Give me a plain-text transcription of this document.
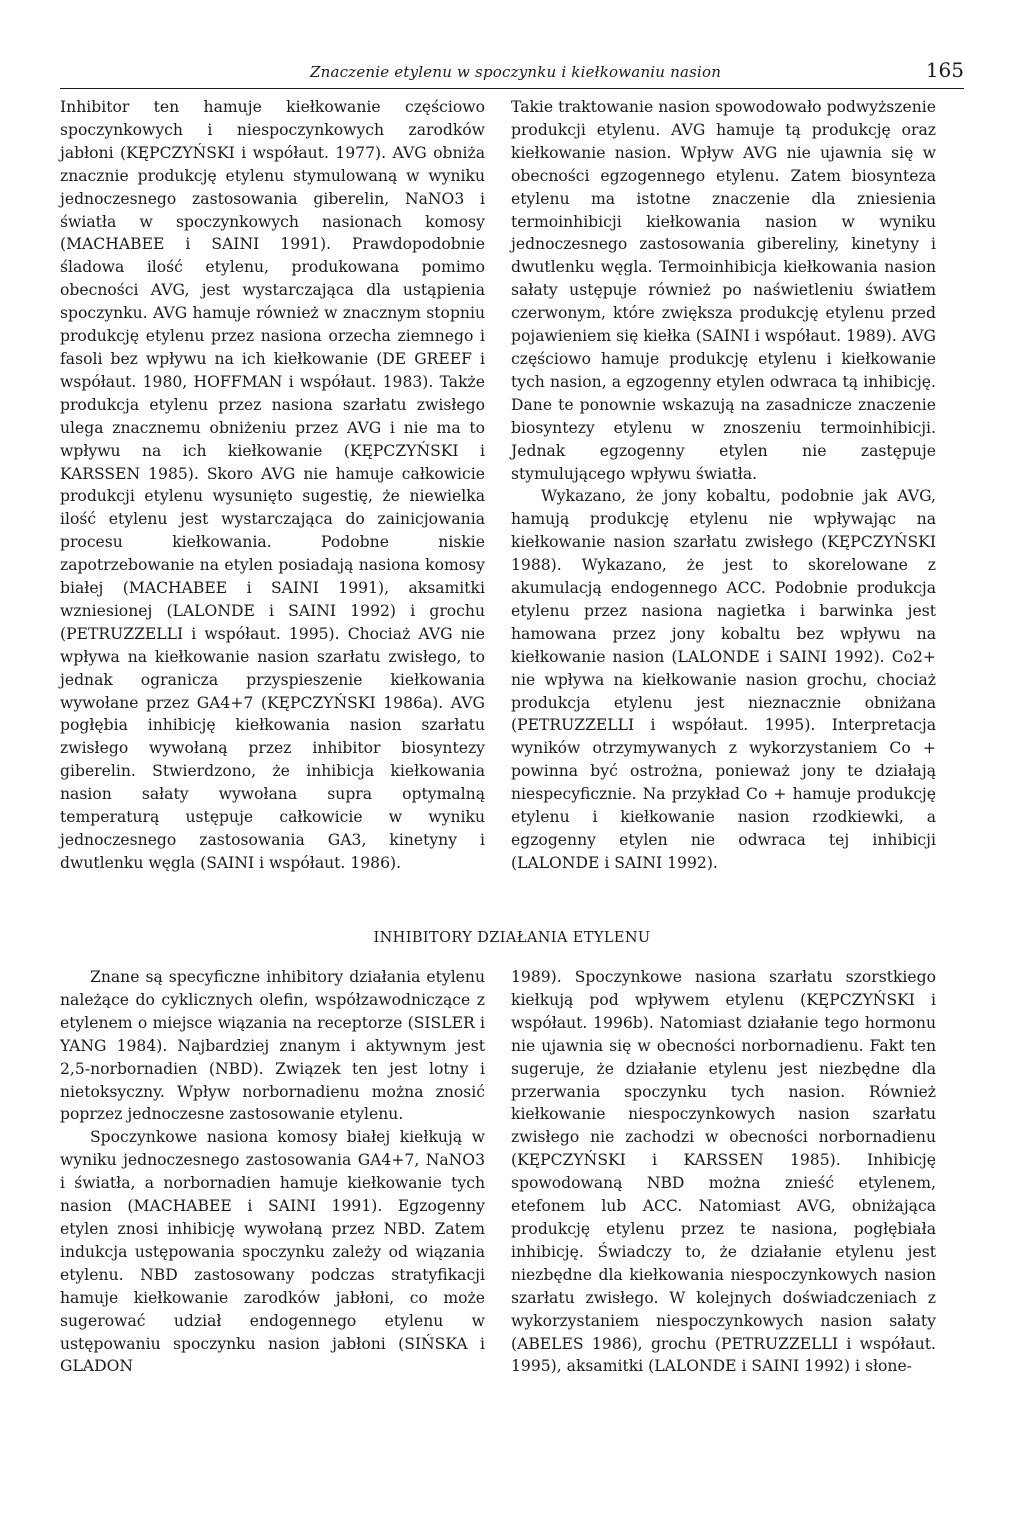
Znaczenie etylenu w spoczynku i kiełkowaniu nasion	165

Inhibitor ten hamuje kiełkowanie częściowo spoczynkowych i niespoczynkowych zarodków jabłoni (KĘPCZYŃSKI i współaut. 1977). AVG obniża znacznie produkcję etylenu stymulowaną w wyniku jednoczesnego zastosowania giberelin, NaNO3 i światła w spoczynkowych nasionach komosy (MACHABEE i SAINI 1991). Prawdopodobnie śladowa ilość etylenu, produkowana pomimo obecności AVG, jest wystarczająca dla ustąpienia spoczynku. AVG hamuje również w znacznym stopniu produkcję etylenu przez nasiona orzecha ziemnego i fasoli bez wpływu na ich kiełkowanie (DE GREEF i współaut. 1980, HOFFMAN i współaut. 1983). Także produkcja etylenu przez nasiona szarłatu zwisłego ulega znacznemu obniżeniu przez AVG i nie ma to wpływu na ich kiełkowanie (KĘPCZYŃSKI i KARSSEN 1985). Skoro AVG nie hamuje całkowicie produkcji etylenu wysunięto sugestię, że niewielka ilość etylenu jest wystarczająca do zainicjowania procesu kiełkowania. Podobne niskie zapotrzebowanie na etylen posiadają nasiona komosy białej (MACHABEE i SAINI 1991), aksamitki wzniesionej (LALONDE i SAINI 1992) i grochu (PETRUZZELLI i współaut. 1995). Chociaż AVG nie wpływa na kiełkowanie nasion szarłatu zwisłego, to jednak ogranicza przyspieszenie kiełkowania wywołane przez GA4+7 (KĘPCZYŃSKI 1986a). AVG pogłębia inhibicję kiełkowania nasion szarłatu zwisłego wywołaną przez inhibitor biosyntezy giberelin. Stwierdzono, że inhibicja kiełkowania nasion sałaty wywołana supra optymalną temperaturą ustępuje całkowicie w wyniku jednoczesnego zastosowania GA3, kinetyny i dwutlenku węgla (SAINI i współaut. 1986).

Takie traktowanie nasion spowodowało podwyższenie produkcji etylenu. AVG hamuje tą produkcję oraz kiełkowanie nasion. Wpływ AVG nie ujawnia się w obecności egzogennego etylenu. Zatem biosynteza etylenu ma istotne znaczenie dla zniesienia termoinhibicji kiełkowania nasion w wyniku jednoczesnego zastosowania gibereliny, kinetyny i dwutlenku węgla. Termoinhibicja kiełkowania nasion sałaty ustępuje również po naświetleniu światłem czerwonym, które zwiększa produkcję etylenu przed pojawieniem się kiełka (SAINI i współaut. 1989). AVG częściowo hamuje produkcję etylenu i kiełkowanie tych nasion, a egzogenny etylen odwraca tą inhibicję. Dane te ponownie wskazują na zasadnicze znaczenie biosyntezy etylenu w znoszeniu termoinhibicji. Jednak egzogenny etylen nie zastępuje stymulującego wpływu światła.

Wykazano, że jony kobaltu, podobnie jak AVG, hamują produkcję etylenu nie wpływając na kiełkowanie nasion szarłatu zwisłego (KĘPCZYŃSKI 1988). Wykazano, że jest to skorelowane z akumulacją endogennego ACC. Podobnie produkcja etylenu przez nasiona nagietka i barwinka jest hamowana przez jony kobaltu bez wpływu na kiełkowanie nasion (LALONDE i SAINI 1992). Co2+ nie wpływa na kiełkowanie nasion grochu, chociaż produkcja etylenu jest nieznacznie obniżana (PETRUZZELLI i współaut. 1995). Interpretacja wyników otrzymywanych z wykorzystaniem Co + powinna być ostrożna, ponieważ jony te działają niespecyficznie. Na przykład Co + hamuje produkcję etylenu i kiełkowanie nasion rzodkiewki, a egzogenny etylen nie odwraca tej inhibicji (LALONDE i SAINI 1992).

INHIBITORY DZIAŁANIA ETYLENU

Znane są specyficzne inhibitory działania etylenu należące do cyklicznych olefin, współzawodniczące z etylenem o miejsce wiązania na receptorze (SISLER i YANG 1984). Najbardziej znanym i aktywnym jest 2,5-norbornadien (NBD). Związek ten jest lotny i nietoksyczny. Wpływ norbornadienu można znosić poprzez jednoczesne zastosowanie etylenu.

Spoczynkowe nasiona komosy białej kiełkują w wyniku jednoczesnego zastosowania GA4+7, NaNO3 i światła, a norbornadien hamuje kiełkowanie tych nasion (MACHABEE i SAINI 1991). Egzogenny etylen znosi inhibicję wywołaną przez NBD. Zatem indukcja ustępowania spoczynku zależy od wiązania etylenu. NBD zastosowany podczas stratyfikacji hamuje kiełkowanie zarodków jabłoni, co może sugerować udział endogennego etylenu w ustępowaniu spoczynku nasion jabłoni (SIŃSKA i GLADON

1989). Spoczynkowe nasiona szarłatu szorstkiego kiełkują pod wpływem etylenu (KĘPCZYŃSKI i współaut. 1996b). Natomiast działanie tego hormonu nie ujawnia się w obecności norbornadienu. Fakt ten sugeruje, że działanie etylenu jest niezbędne dla przerwania spoczynku tych nasion. Również kiełkowanie niespoczynkowych nasion szarłatu zwisłego nie zachodzi w obecności norbornadienu (KĘPCZYŃSKI i KARSSEN 1985). Inhibicję spowodowaną NBD można znieść etylenem, etefonem lub ACC. Natomiast AVG, obniżająca produkcję etylenu przez te nasiona, pogłębiała inhibicję. Świadczy to, że działanie etylenu jest niezbędne dla kiełkowania niespoczynkowych nasion szarłatu zwisłego. W kolejnych doświadczeniach z wykorzystaniem niespoczynkowych nasion sałaty (ABELES 1986), grochu (PETRUZZELLI i współaut. 1995), aksamitki (LALONDE i SAINI 1992) i słone-
